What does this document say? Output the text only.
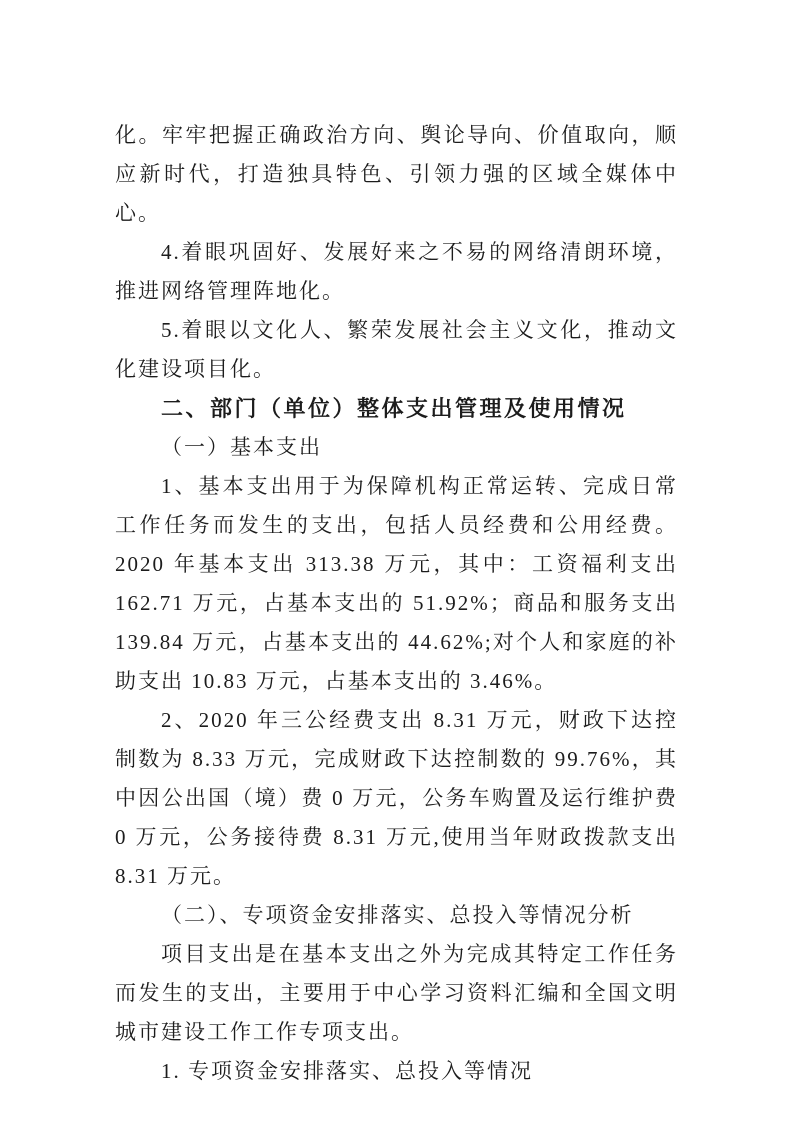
化。牢牢把握正确政治方向、舆论导向、价值取向，顺应新时代，打造独具特色、引领力强的区域全媒体中心。

4.着眼巩固好、发展好来之不易的网络清朗环境，推进网络管理阵地化。

5.着眼以文化人、繁荣发展社会主义文化，推动文化建设项目化。

二、部门（单位）整体支出管理及使用情况

（一）基本支出

1、基本支出用于为保障机构正常运转、完成日常工作任务而发生的支出，包括人员经费和公用经费。2020 年基本支出 313.38 万元，其中：工资福利支出 162.71 万元，占基本支出的 51.92%；商品和服务支出 139.84 万元，占基本支出的 44.62%;对个人和家庭的补助支出 10.83 万元，占基本支出的 3.46%。

2、2020 年三公经费支出 8.31 万元，财政下达控制数为 8.33 万元，完成财政下达控制数的 99.76%，其中因公出国（境）费 0 万元，公务车购置及运行维护费 0 万元，公务接待费 8.31 万元,使用当年财政拨款支出 8.31 万元。

（二）、专项资金安排落实、总投入等情况分析

项目支出是在基本支出之外为完成其特定工作任务而发生的支出，主要用于中心学习资料汇编和全国文明城市建设工作工作专项支出。

1. 专项资金安排落实、总投入等情况
